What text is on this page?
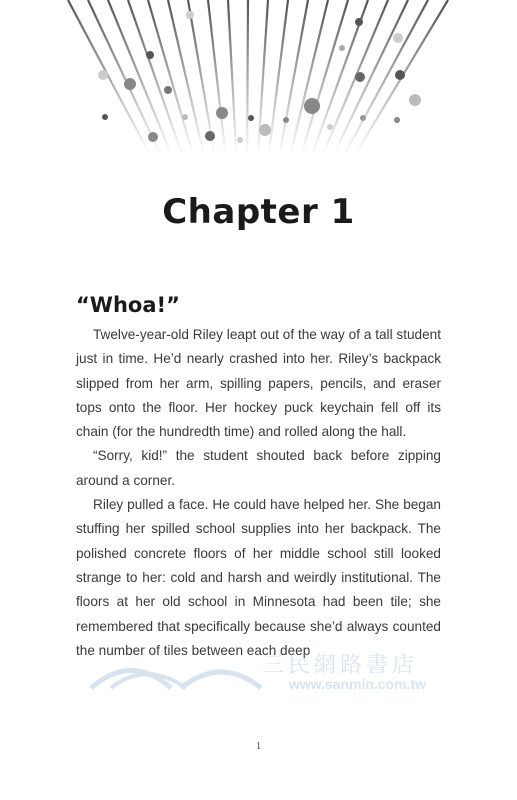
Chapter 1
“Whoa!”

Twelve-year-old Riley leapt out of the way of a tall student just in time. He’d nearly crashed into her. Riley’s backpack slipped from her arm, spilling papers, pencils, and eraser tops onto the floor. Her hockey puck keychain fell off its chain (for the hundredth time) and rolled along the hall.

“Sorry, kid!” the student shouted back before zipping around a corner.

Riley pulled a face. He could have helped her. She began stuffing her spilled school supplies into her backpack. The polished concrete floors of her middle school still looked strange to her: cold and harsh and weirdly institutional. The floors at her old school in Minnesota had been tile; she remembered that specifically because she’d always counted the number of tiles between each deep

三民網路書店
www.sanmin.com.tw
1
